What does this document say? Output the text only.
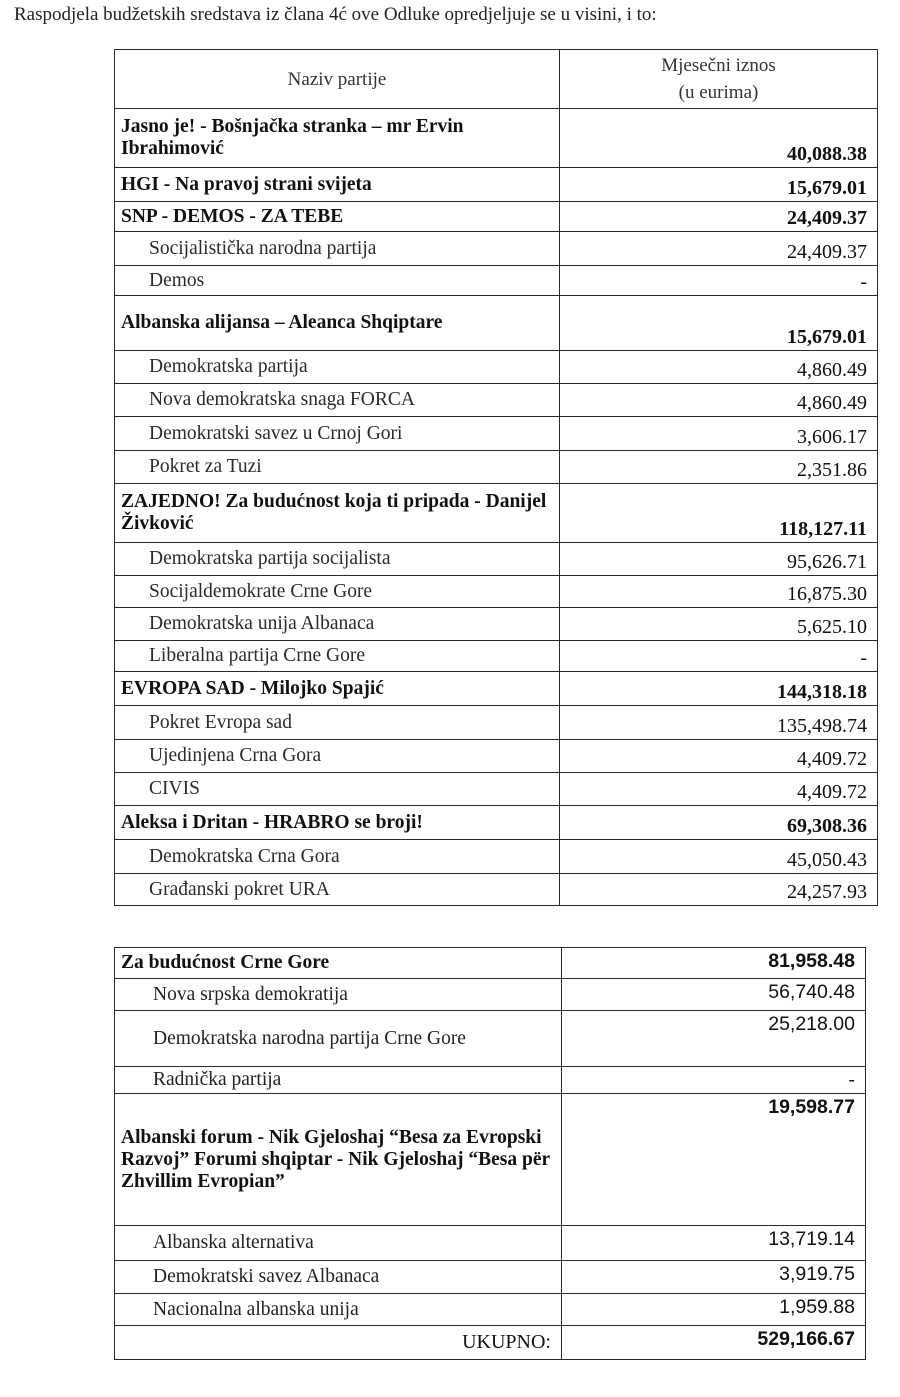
Raspodjela budžetskih sredstava iz člana 4ć ove Odluke opredjeljuje se u visini, i to:
Naziv partije	Mjesečni iznos
(u eurima)

Jasno je! - Bošnjačka stranka – mr Ervin Ibrahimović	40,088.38
HGI - Na pravoj strani svijeta	15,679.01
SNP - DEMOS - ZA TEBE	24,409.37
Socijalistička narodna partija	24,409.37
Demos	-
Albanska alijansa – Aleanca Shqiptare	15,679.01
Demokratska partija	4,860.49
Nova demokratska snaga FORCA	4,860.49
Demokratski savez u Crnoj Gori	3,606.17
Pokret za Tuzi	2,351.86
ZAJEDNO! Za budućnost koja ti pripada - Danijel Živković	118,127.11
Demokratska partija socijalista	95,626.71
Socijaldemokrate Crne Gore	16,875.30
Demokratska unija Albanaca	5,625.10
Liberalna partija Crne Gore	-
EVROPA SAD - Milojko Spajić	144,318.18
Pokret Evropa sad	135,498.74
Ujedinjena Crna Gora	4,409.72
CIVIS	4,409.72
Aleksa i Dritan - HRABRO se broji!	69,308.36
Demokratska Crna Gora	45,050.43
Građanski pokret URA	24,257.93
Za budućnost Crne Gore	81,958.48
Nova srpska demokratija	56,740.48
Demokratska narodna partija Crne Gore	25,218.00
Radnička partija	-
Albanski forum - Nik Gjeloshaj “Besa za Evropski Razvoj” Forumi shqiptar - Nik Gjeloshaj “Besa për Zhvillim Evropian”	19,598.77
Albanska alternativa	13,719.14
Demokratski savez Albanaca	3,919.75
Nacionalna albanska unija	1,959.88
UKUPNO:	529,166.67
